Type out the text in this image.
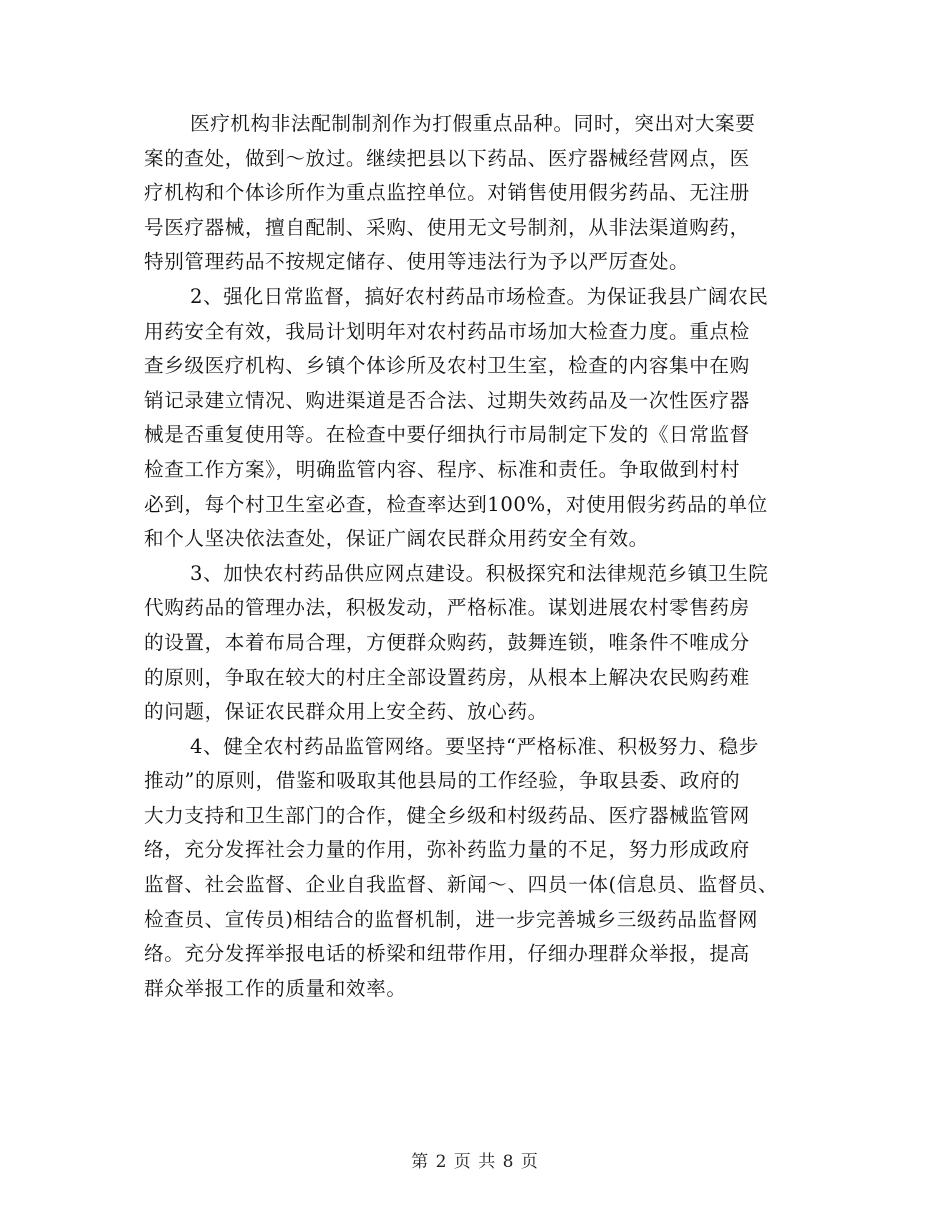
医疗机构非法配制制剂作为打假重点品种。同时，突出对大案要
案的查处，做到～放过。继续把县以下药品、医疗器械经营网点，医
疗机构和个体诊所作为重点监控单位。对销售使用假劣药品、无注册
号医疗器械，擅自配制、采购、使用无文号制剂，从非法渠道购药，
特别管理药品不按规定储存、使用等违法行为予以严厉查处。
2、强化日常监督，搞好农村药品市场检查。为保证我县广阔农民
用药安全有效，我局计划明年对农村药品市场加大检查力度。重点检
查乡级医疗机构、乡镇个体诊所及农村卫生室，检查的内容集中在购
销记录建立情况、购进渠道是否合法、过期失效药品及一次性医疗器
械是否重复使用等。在检查中要仔细执行市局制定下发的《日常监督
检查工作方案》，明确监管内容、程序、标准和责任。争取做到村村
必到，每个村卫生室必查，检查率达到100%，对使用假劣药品的单位
和个人坚决依法查处，保证广阔农民群众用药安全有效。
3、加快农村药品供应网点建设。积极探究和法律规范乡镇卫生院
代购药品的管理办法，积极发动，严格标准。谋划进展农村零售药房
的设置，本着布局合理，方便群众购药，鼓舞连锁，唯条件不唯成分
的原则，争取在较大的村庄全部设置药房，从根本上解决农民购药难
的问题，保证农民群众用上安全药、放心药。
4、健全农村药品监管网络。要坚持“严格标准、积极努力、稳步
推动”的原则，借鉴和吸取其他县局的工作经验，争取县委、政府的
大力支持和卫生部门的合作，健全乡级和村级药品、医疗器械监管网
络，充分发挥社会力量的作用，弥补药监力量的不足，努力形成政府
监督、社会监督、企业自我监督、新闻～、四员一体(信息员、监督员、
检查员、宣传员)相结合的监督机制，进一步完善城乡三级药品监督网
络。充分发挥举报电话的桥梁和纽带作用，仔细办理群众举报，提高
群众举报工作的质量和效率。
第 2 页 共 8 页
